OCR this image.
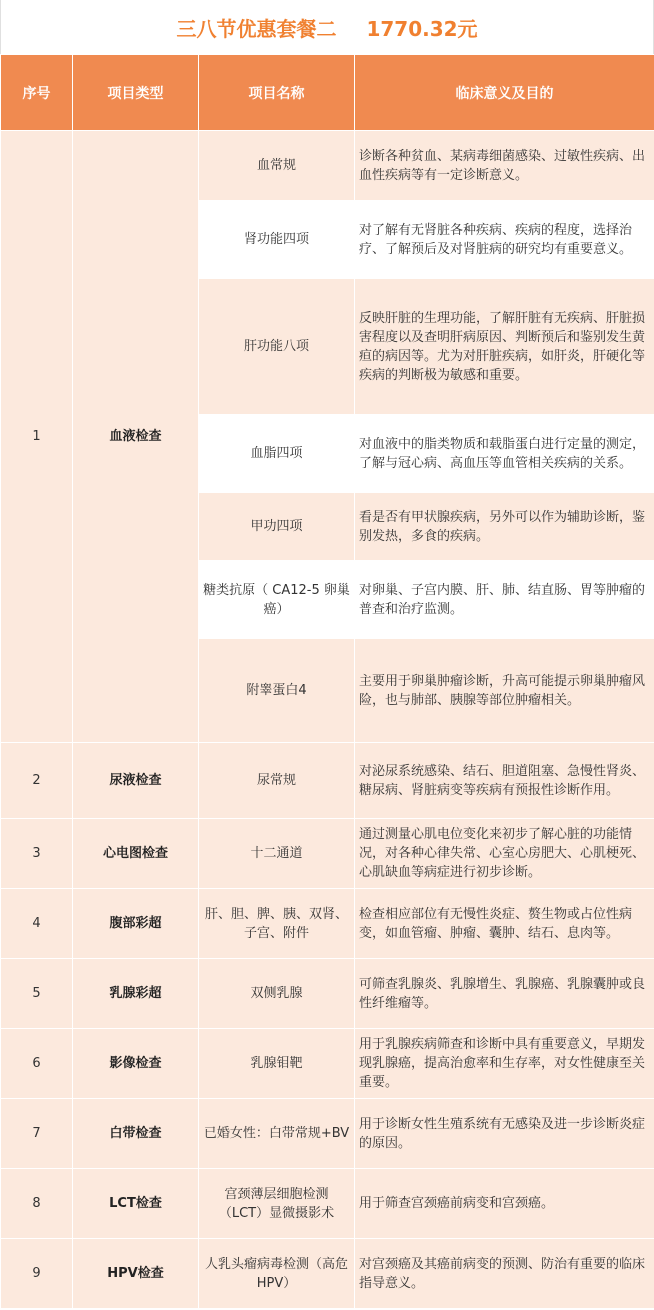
三八节优惠套餐二 1770.32元
序号	项目类型	项目名称	临床意义及目的
1	血液检查	血常规	诊断各种贫血、某病毒细菌感染、过敏性疾病、出血性疾病等有一定诊断意义。
		肾功能四项	对了解有无肾脏各种疾病、疾病的程度，选择治疗、了解预后及对肾脏病的研究均有重要意义。
		肝功能八项	反映肝脏的生理功能，了解肝脏有无疾病、肝脏损害程度以及查明肝病原因、判断预后和鉴别发生黄疸的病因等。尤为对肝脏疾病，如肝炎，肝硬化等疾病的判断极为敏感和重要。
		血脂四项	对血液中的脂类物质和载脂蛋白进行定量的测定，了解与冠心病、高血压等血管相关疾病的关系。
		甲功四项	看是否有甲状腺疾病，另外可以作为辅助诊断，鉴别发热，多食的疾病。
		糖类抗原（ CA12-5 卵巢癌）	对卵巢、子宫内膜、肝、肺、结直肠、胃等肿瘤的普查和治疗监测。
		附睾蛋白4	主要用于卵巢肿瘤诊断，升高可能提示卵巢肿瘤风险，也与肺部、胰腺等部位肿瘤相关。
2	尿液检查	尿常规	对泌尿系统感染、结石、胆道阻塞、急慢性肾炎、糖尿病、肾脏病变等疾病有预报性诊断作用。
3	心电图检查	十二通道	通过测量心肌电位变化来初步了解心脏的功能情况，对各种心律失常、心室心房肥大、心肌梗死、心肌缺血等病症进行初步诊断。
4	腹部彩超	肝、胆、脾、胰、双肾、子宫、附件	检查相应部位有无慢性炎症、赘生物或占位性病变，如血管瘤、肿瘤、囊肿、结石、息肉等。
5	乳腺彩超	双侧乳腺	可筛查乳腺炎、乳腺增生、乳腺癌、乳腺囊肿或良性纤维瘤等。
6	影像检查	乳腺钼靶	用于乳腺疾病筛查和诊断中具有重要意义，早期发现乳腺癌，提高治愈率和生存率，对女性健康至关重要。
7	白带检查	已婚女性：白带常规+BV	用于诊断女性生殖系统有无感染及进一步诊断炎症的原因。
8	LCT检查	宫颈薄层细胞检测（LCT）显微摄影术	用于筛查宫颈癌前病变和宫颈癌。
9	HPV检查	人乳头瘤病毒检测（高危HPV）	对宫颈癌及其癌前病变的预测、防治有重要的临床指导意义。
